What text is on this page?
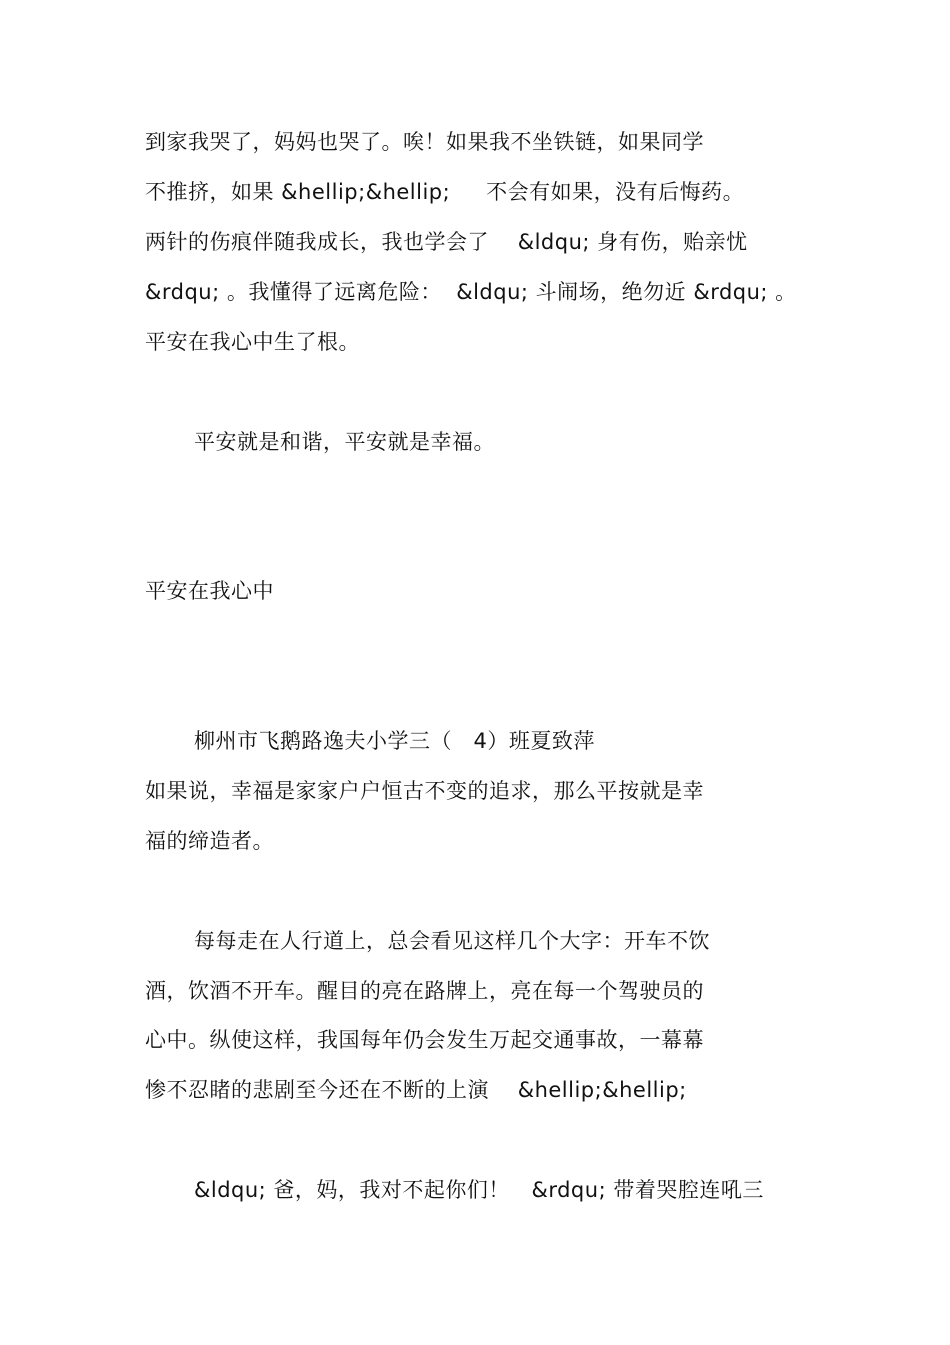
到家我哭了，妈妈也哭了。唉！如果我不坐铁链，如果同学
不推挤，如果 &hellip;&hellip;     不会有如果，没有后悔药。
两针的伤痕伴随我成长，我也学会了    &ldqu; 身有伤，贻亲忧
&rdqu; 。我懂得了远离危险：  &ldqu; 斗闹场，绝勿近 &rdqu; 。
平安在我心中生了根。
平安就是和谐，平安就是幸福。
平安在我心中
柳州市飞鹅路逸夫小学三（   4）班夏致萍
如果说，幸福是家家户户恒古不变的追求，那么平按就是幸
福的缔造者。
每每走在人行道上，总会看见这样几个大字：开车不饮
酒，饮酒不开车。醒目的亮在路牌上，亮在每一个驾驶员的
心中。纵使这样，我国每年仍会发生万起交通事故，一幕幕
惨不忍睹的悲剧至今还在不断的上演    &hellip;&hellip;
&ldqu; 爸，妈，我对不起你们！   &rdqu; 带着哭腔连吼三
